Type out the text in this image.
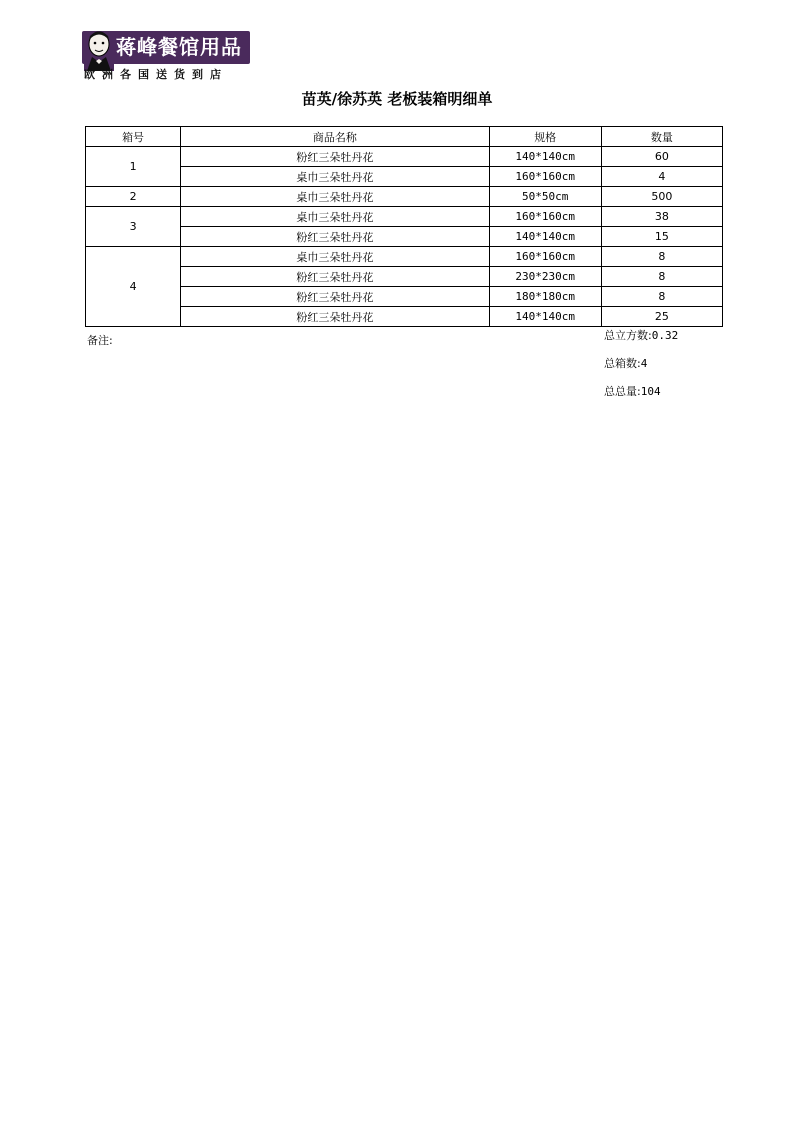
蒋峰餐馆用品
欧洲各国送货到店
苗英/徐苏英 老板装箱明细单
箱号	商品名称	规格	数量
1	粉红三朵牡丹花	140*140cm	60
	桌巾三朵牡丹花	160*160cm	4
2	桌巾三朵牡丹花	50*50cm	500
3	桌巾三朵牡丹花	160*160cm	38
	粉红三朵牡丹花	140*140cm	15
4	桌巾三朵牡丹花	160*160cm	8
	粉红三朵牡丹花	230*230cm	8
	粉红三朵牡丹花	180*180cm	8
	粉红三朵牡丹花	140*140cm	25
备注:	总立方数:0.32
总箱数:4
总总量:104
